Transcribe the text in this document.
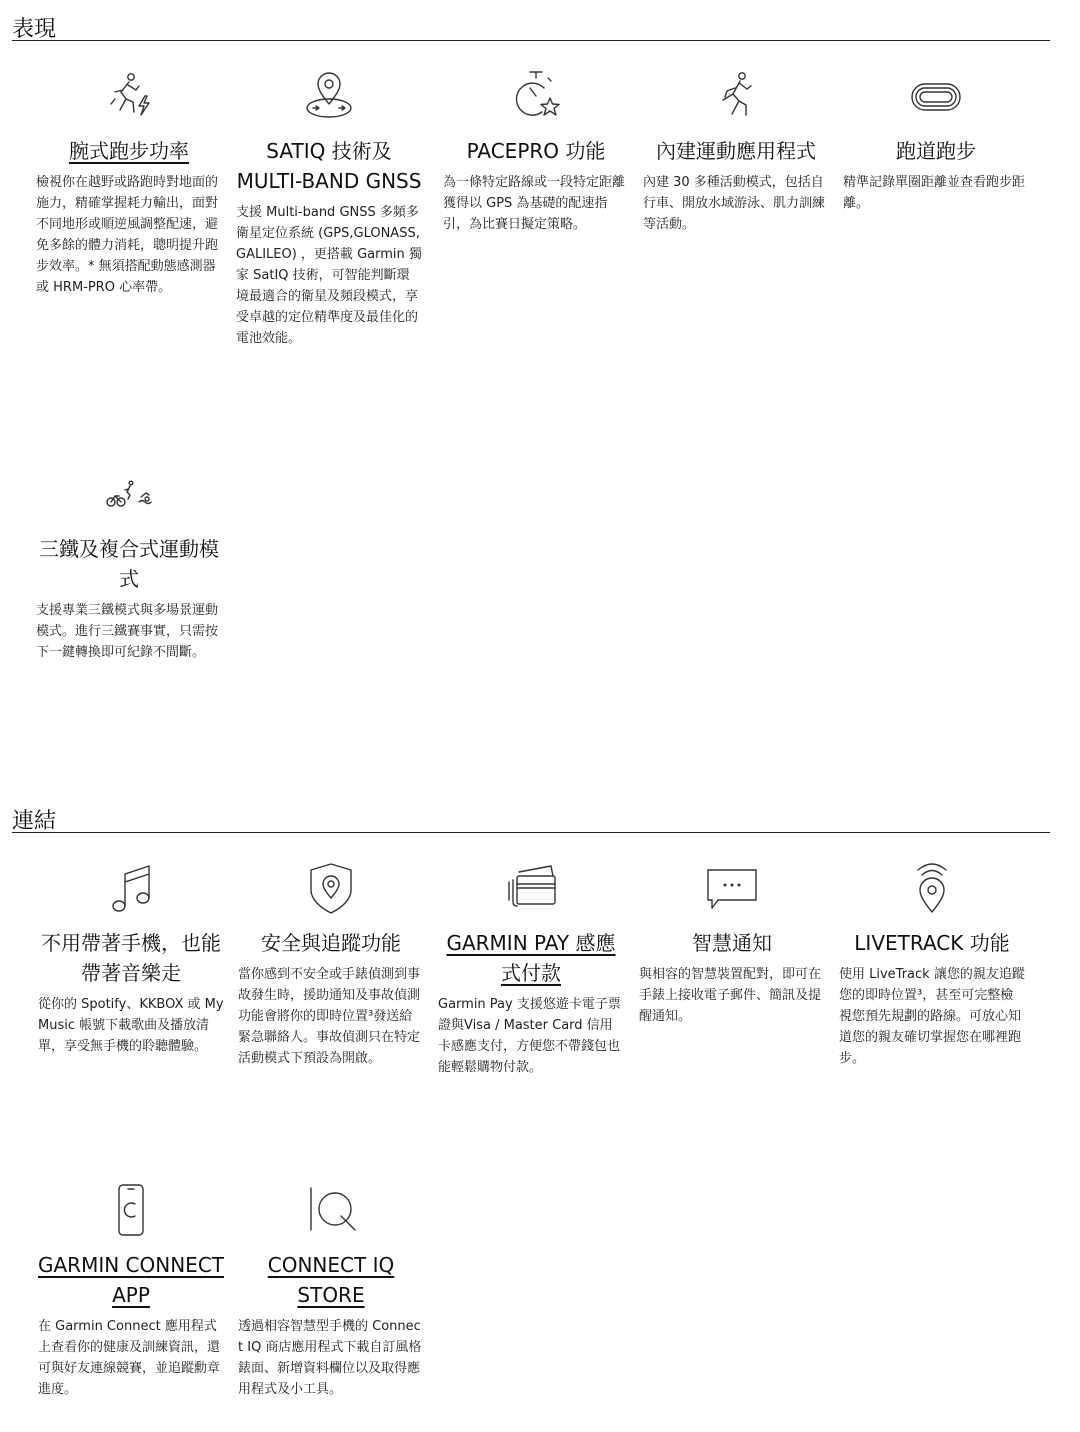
表現
腕式跑步功率
檢視你在越野或路跑時對地面的施力，精確掌握耗力輸出，面對不同地形或順逆風調整配速，避免多餘的體力消耗，聰明提升跑步效率。* 無須搭配動態感測器或 HRM-PRO 心率帶。
SATIQ 技術及 MULTI-BAND GNSS
支援 Multi-band GNSS 多頻多衛星定位系統 (GPS,GLONASS,GALILEO) ，更搭載 Garmin 獨家 SatIQ 技術，可智能判斷環境最適合的衛星及頻段模式，享受卓越的定位精準度及最佳化的電池效能。
PACEPRO 功能
為一條特定路線或一段特定距離獲得以 GPS 為基礎的配速指引，為比賽日擬定策略。
內建運動應用程式
內建 30 多種活動模式，包括自行車、開放水域游泳、肌力訓練等活動。
跑道跑步
精準記錄單圈距離並查看跑步距離。
三鐵及複合式運動模式
支援專業三鐵模式與多場景運動模式。進行三鐵賽事實，只需按下一鍵轉換即可紀錄不間斷。
連結
不用帶著手機，也能帶著音樂走
從你的 Spotify、KKBOX 或 MyMusic 帳號下載歌曲及播放清單，享受無手機的聆聽體驗。
安全與追蹤功能
當你感到不安全或手錶偵測到事故發生時，援助通知及事故偵測功能會將你的即時位置³發送給緊急聯絡人。事故偵測只在特定活動模式下預設為開啟。
GARMIN PAY 感應式付款
Garmin Pay 支援悠遊卡電子票證與Visa / Master Card 信用卡感應支付，方便您不帶錢包也能輕鬆購物付款。
智慧通知
與相容的智慧裝置配對，即可在手錶上接收電子郵件、簡訊及提醒通知。
LIVETRACK 功能
使用 LiveTrack 讓您的親友追蹤您的即時位置³，甚至可完整檢視您預先規劃的路線。可放心知道您的親友確切掌握您在哪裡跑步。
GARMIN CONNECT APP
在 Garmin Connect 應用程式上查看你的健康及訓練資訊，還可與好友連線競賽，並追蹤勳章進度。
CONNECT IQ STORE
透過相容智慧型手機的 Connect IQ 商店應用程式下載自訂風格錶面、新增資料欄位以及取得應用程式及小工具。
